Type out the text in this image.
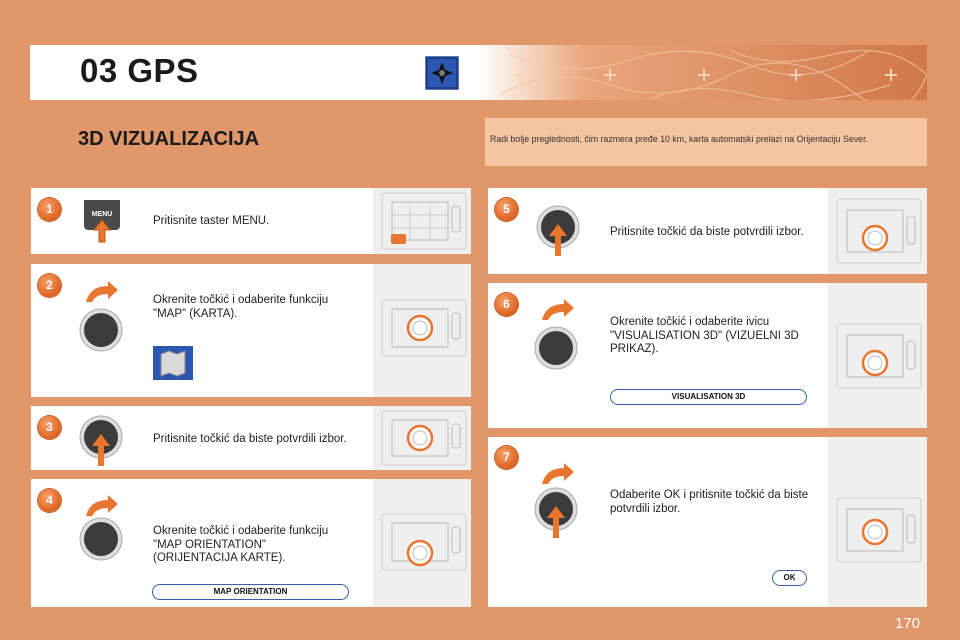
03 GPS
3D VIZUALIZACIJA	Radi bolje preglednosti, čim razmera pređe 10 km, karta automatski prelazi na Orijentaciju Sever.
1	MENU
Pritisnite taster MENU.
2
Okrenite točkić i odaberite funkciju "MAP" (KARTA).
3
Pritisnite točkić da biste potvrdili izbor.
4
Okrenite točkić i odaberite funkciju "MAP ORIENTATION" (ORIJENTACIJA KARTE).
MAP ORIENTATION
5
Pritisnite točkić da biste potvrdili izbor.
6
Okrenite točkić i odaberite ivicu "VISUALISATION 3D" (VIZUELNI 3D PRIKAZ).
VISUALISATION 3D
7
Odaberite OK i pritisnite točkić da biste potvrdili izbor.
OK
170
